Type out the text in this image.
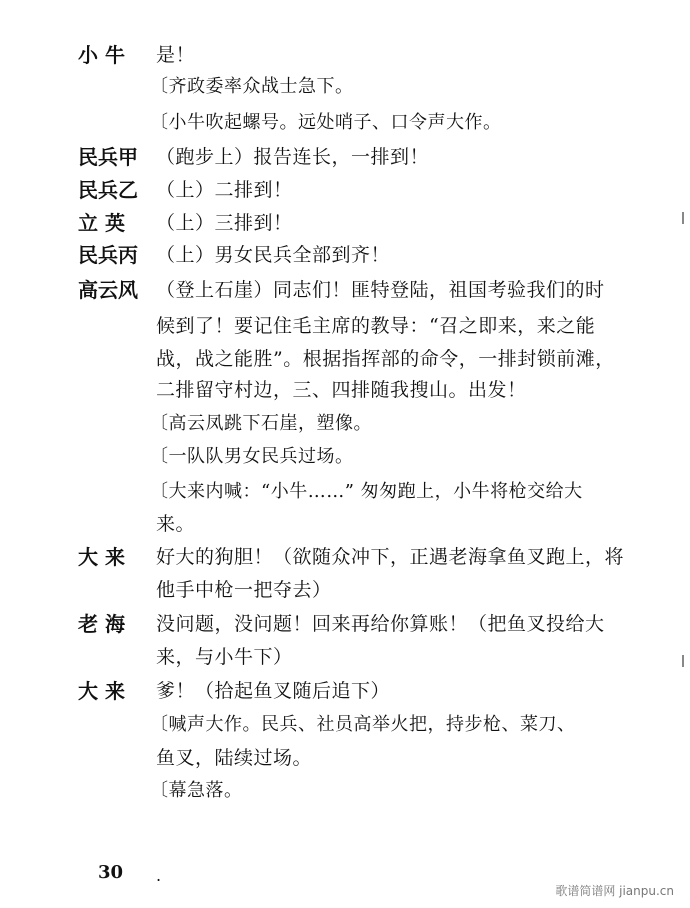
小 牛 是！
〔齐政委率众战士急下。
〔小牛吹起螺号。远处哨子、口令声大作。
民兵甲 （跑步上）报告连长，一排到！
民兵乙 （上）二排到！
立 英 （上）三排到！
民兵丙 （上）男女民兵全部到齐！
高云风 （登上石崖）同志们！匪特登陆，祖国考验我们的时
候到了！要记住毛主席的教导：“召之即来，来之能
战，战之能胜”。根据指挥部的命令，一排封锁前滩，
二排留守村边，三、四排随我搜山。出发！
〔高云凤跳下石崖，塑像。
〔一队队男女民兵过场。
〔大来内喊：“小牛……” 匆匆跑上，小牛将枪交给大
来。
大 来 好大的狗胆！（欲随众冲下，正遇老海拿鱼叉跑上，将
他手中枪一把夺去）
老 海 没问题，没问题！回来再给你算账！（把鱼叉投给大
来，与小牛下）
大 来 爹！（拾起鱼叉随后追下）
〔喊声大作。民兵、社员高举火把，持步枪、菜刀、
鱼叉，陆续过场。
〔幕急落。
30 .
歌谱简谱网 jianpu.cn
